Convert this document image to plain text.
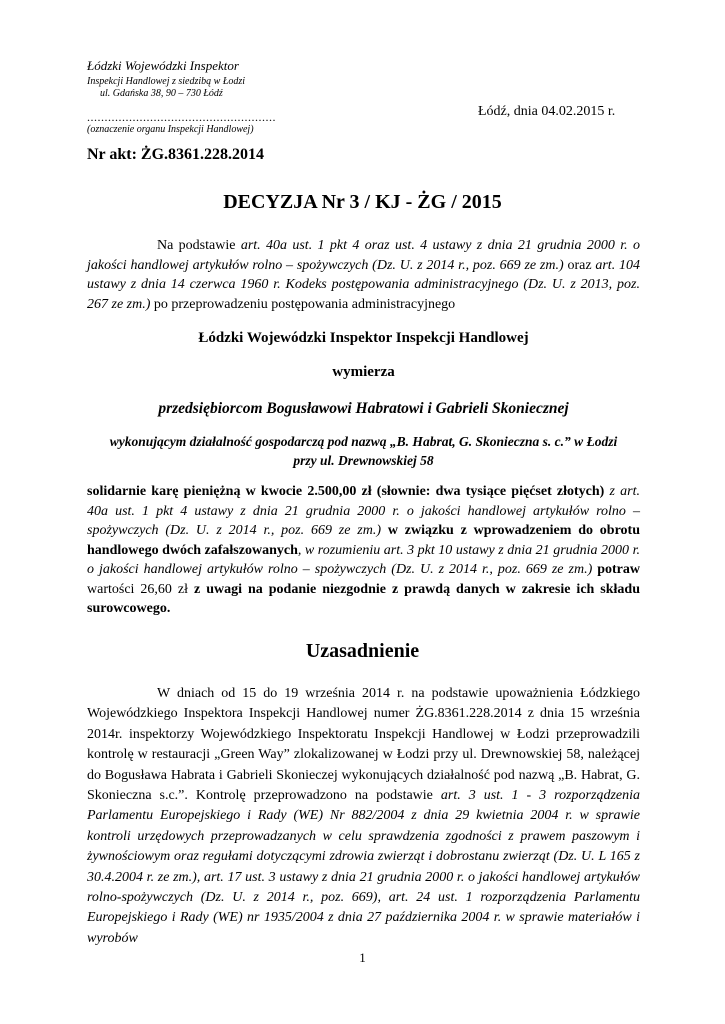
Łódzki Wojewódzki Inspektor
Inspekcji Handlowej z siedzibą w Łodzi
ul. Gdańska 38, 90 – 730 Łódź
......................................................
(oznaczenie organu Inspekcji Handlowej)
Łódź, dnia 04.02.2015 r.
Nr akt: ŻG.8361.228.2014
DECYZJA Nr 3 / KJ - ŻG / 2015
Na podstawie art. 40a ust. 1 pkt 4 oraz ust. 4 ustawy z dnia 21 grudnia 2000 r. o jakości handlowej artykułów rolno – spożywczych (Dz. U. z 2014 r., poz. 669 ze zm.) oraz art. 104 ustawy z dnia 14 czerwca 1960 r. Kodeks postępowania administracyjnego (Dz. U. z 2013, poz. 267 ze zm.) po przeprowadzeniu postępowania administracyjnego
Łódzki Wojewódzki Inspektor Inspekcji Handlowej
wymierza
przedsiębiorcom Bogusławowi Habratowi i Gabrieli Skoniecznej
wykonującym działalność gospodarczą pod nazwą „B. Habrat, G. Skonieczna s. c.” w Łodzi
przy ul. Drewnowskiej 58
solidarnie karę pieniężną w kwocie 2.500,00 zł (słownie: dwa tysiące pięćset złotych) z art. 40a ust. 1 pkt 4 ustawy z dnia 21 grudnia 2000 r. o jakości handlowej artykułów rolno – spożywczych (Dz. U. z 2014 r., poz. 669 ze zm.) w związku z wprowadzeniem do obrotu handlowego dwóch zafałszowanych, w rozumieniu art. 3 pkt 10 ustawy z dnia 21 grudnia 2000 r. o jakości handlowej artykułów rolno – spożywczych (Dz. U. z 2014 r., poz. 669 ze zm.) potraw wartości 26,60 zł z uwagi na podanie niezgodnie z prawdą danych w zakresie ich składu surowcowego.
Uzasadnienie
W dniach od 15 do 19 września 2014 r. na podstawie upoważnienia Łódzkiego Wojewódzkiego Inspektora Inspekcji Handlowej numer ŻG.8361.228.2014 z dnia 15 września 2014r. inspektorzy Wojewódzkiego Inspektoratu Inspekcji Handlowej w Łodzi przeprowadzili kontrolę w restauracji „Green Way” zlokalizowanej w Łodzi przy ul. Drewnowskiej 58, należącej do Bogusława Habrata i Gabrieli Skonieczej wykonujących działalność pod nazwą „B. Habrat, G. Skonieczna s.c.”. Kontrolę przeprowadzono na podstawie art. 3 ust. 1 - 3 rozporządzenia Parlamentu Europejskiego i Rady (WE) Nr 882/2004 z dnia 29 kwietnia 2004 r. w sprawie kontroli urzędowych przeprowadzanych w celu sprawdzenia zgodności z prawem paszowym i żywnościowym oraz regułami dotyczącymi zdrowia zwierząt i dobrostanu zwierząt (Dz. U. L 165 z 30.4.2004 r. ze zm.), art. 17 ust. 3 ustawy z dnia 21 grudnia 2000 r. o jakości handlowej artykułów rolno-spożywczych (Dz. U. z 2014 r., poz. 669), art. 24 ust. 1 rozporządzenia Parlamentu Europejskiego i Rady (WE) nr 1935/2004 z dnia 27 października 2004 r. w sprawie materiałów i wyrobów
1
